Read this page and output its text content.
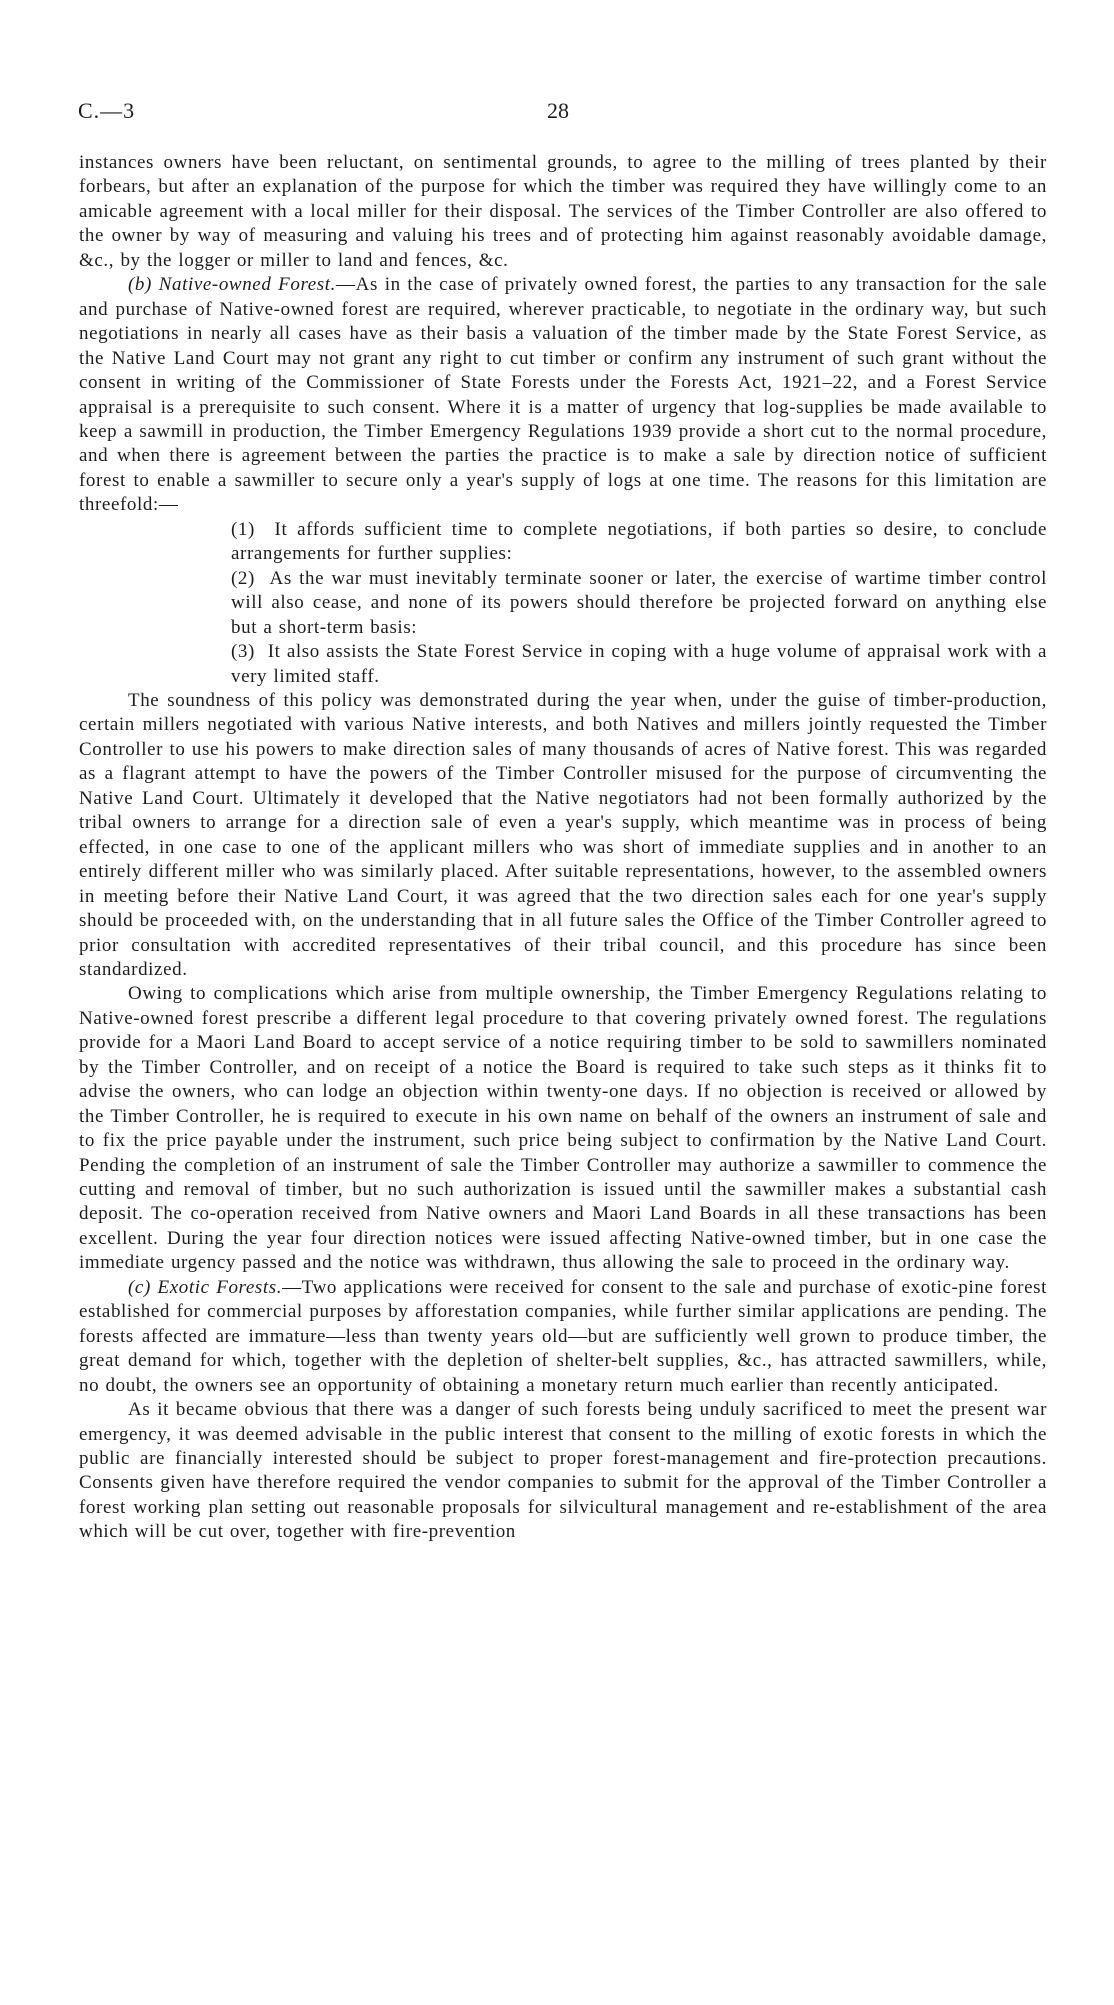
C.—3	28

instances owners have been reluctant, on sentimental grounds, to agree to the milling of trees planted by their forbears, but after an explanation of the purpose for which the timber was required they have willingly come to an amicable agreement with a local miller for their disposal. The services of the Timber Controller are also offered to the owner by way of measuring and valuing his trees and of protecting him against reasonably avoidable damage, &c., by the logger or miller to land and fences, &c.

(b) Native-owned Forest.—As in the case of privately owned forest, the parties to any transaction for the sale and purchase of Native-owned forest are required, wherever practicable, to negotiate in the ordinary way, but such negotiations in nearly all cases have as their basis a valuation of the timber made by the State Forest Service, as the Native Land Court may not grant any right to cut timber or confirm any instrument of such grant without the consent in writing of the Commissioner of State Forests under the Forests Act, 1921–22, and a Forest Service appraisal is a prerequisite to such consent. Where it is a matter of urgency that log-supplies be made available to keep a sawmill in production, the Timber Emergency Regulations 1939 provide a short cut to the normal procedure, and when there is agreement between the parties the practice is to make a sale by direction notice of sufficient forest to enable a sawmiller to secure only a year's supply of logs at one time. The reasons for this limitation are threefold:—

(1) It affords sufficient time to complete negotiations, if both parties so desire, to conclude arrangements for further supplies:

(2) As the war must inevitably terminate sooner or later, the exercise of wartime timber control will also cease, and none of its powers should therefore be projected forward on anything else but a short-term basis:

(3) It also assists the State Forest Service in coping with a huge volume of appraisal work with a very limited staff.

The soundness of this policy was demonstrated during the year when, under the guise of timber-production, certain millers negotiated with various Native interests, and both Natives and millers jointly requested the Timber Controller to use his powers to make direction sales of many thousands of acres of Native forest. This was regarded as a flagrant attempt to have the powers of the Timber Controller misused for the purpose of circumventing the Native Land Court. Ultimately it developed that the Native negotiators had not been formally authorized by the tribal owners to arrange for a direction sale of even a year's supply, which meantime was in process of being effected, in one case to one of the applicant millers who was short of immediate supplies and in another to an entirely different miller who was similarly placed. After suitable representations, however, to the assembled owners in meeting before their Native Land Court, it was agreed that the two direction sales each for one year's supply should be proceeded with, on the understanding that in all future sales the Office of the Timber Controller agreed to prior consultation with accredited representatives of their tribal council, and this procedure has since been standardized.

Owing to complications which arise from multiple ownership, the Timber Emergency Regulations relating to Native-owned forest prescribe a different legal procedure to that covering privately owned forest. The regulations provide for a Maori Land Board to accept service of a notice requiring timber to be sold to sawmillers nominated by the Timber Controller, and on receipt of a notice the Board is required to take such steps as it thinks fit to advise the owners, who can lodge an objection within twenty-one days. If no objection is received or allowed by the Timber Controller, he is required to execute in his own name on behalf of the owners an instrument of sale and to fix the price payable under the instrument, such price being subject to confirmation by the Native Land Court. Pending the completion of an instrument of sale the Timber Controller may authorize a sawmiller to commence the cutting and removal of timber, but no such authorization is issued until the sawmiller makes a substantial cash deposit. The co-operation received from Native owners and Maori Land Boards in all these transactions has been excellent. During the year four direction notices were issued affecting Native-owned timber, but in one case the immediate urgency passed and the notice was withdrawn, thus allowing the sale to proceed in the ordinary way.

(c) Exotic Forests.—Two applications were received for consent to the sale and purchase of exotic-pine forest established for commercial purposes by afforestation companies, while further similar applications are pending. The forests affected are immature—less than twenty years old—but are sufficiently well grown to produce timber, the great demand for which, together with the depletion of shelter-belt supplies, &c., has attracted sawmillers, while, no doubt, the owners see an opportunity of obtaining a monetary return much earlier than recently anticipated.

As it became obvious that there was a danger of such forests being unduly sacrificed to meet the present war emergency, it was deemed advisable in the public interest that consent to the milling of exotic forests in which the public are financially interested should be subject to proper forest-management and fire-protection precautions. Consents given have therefore required the vendor companies to submit for the approval of the Timber Controller a forest working plan setting out reasonable proposals for silvicultural management and re-establishment of the area which will be cut over, together with fire-prevention
